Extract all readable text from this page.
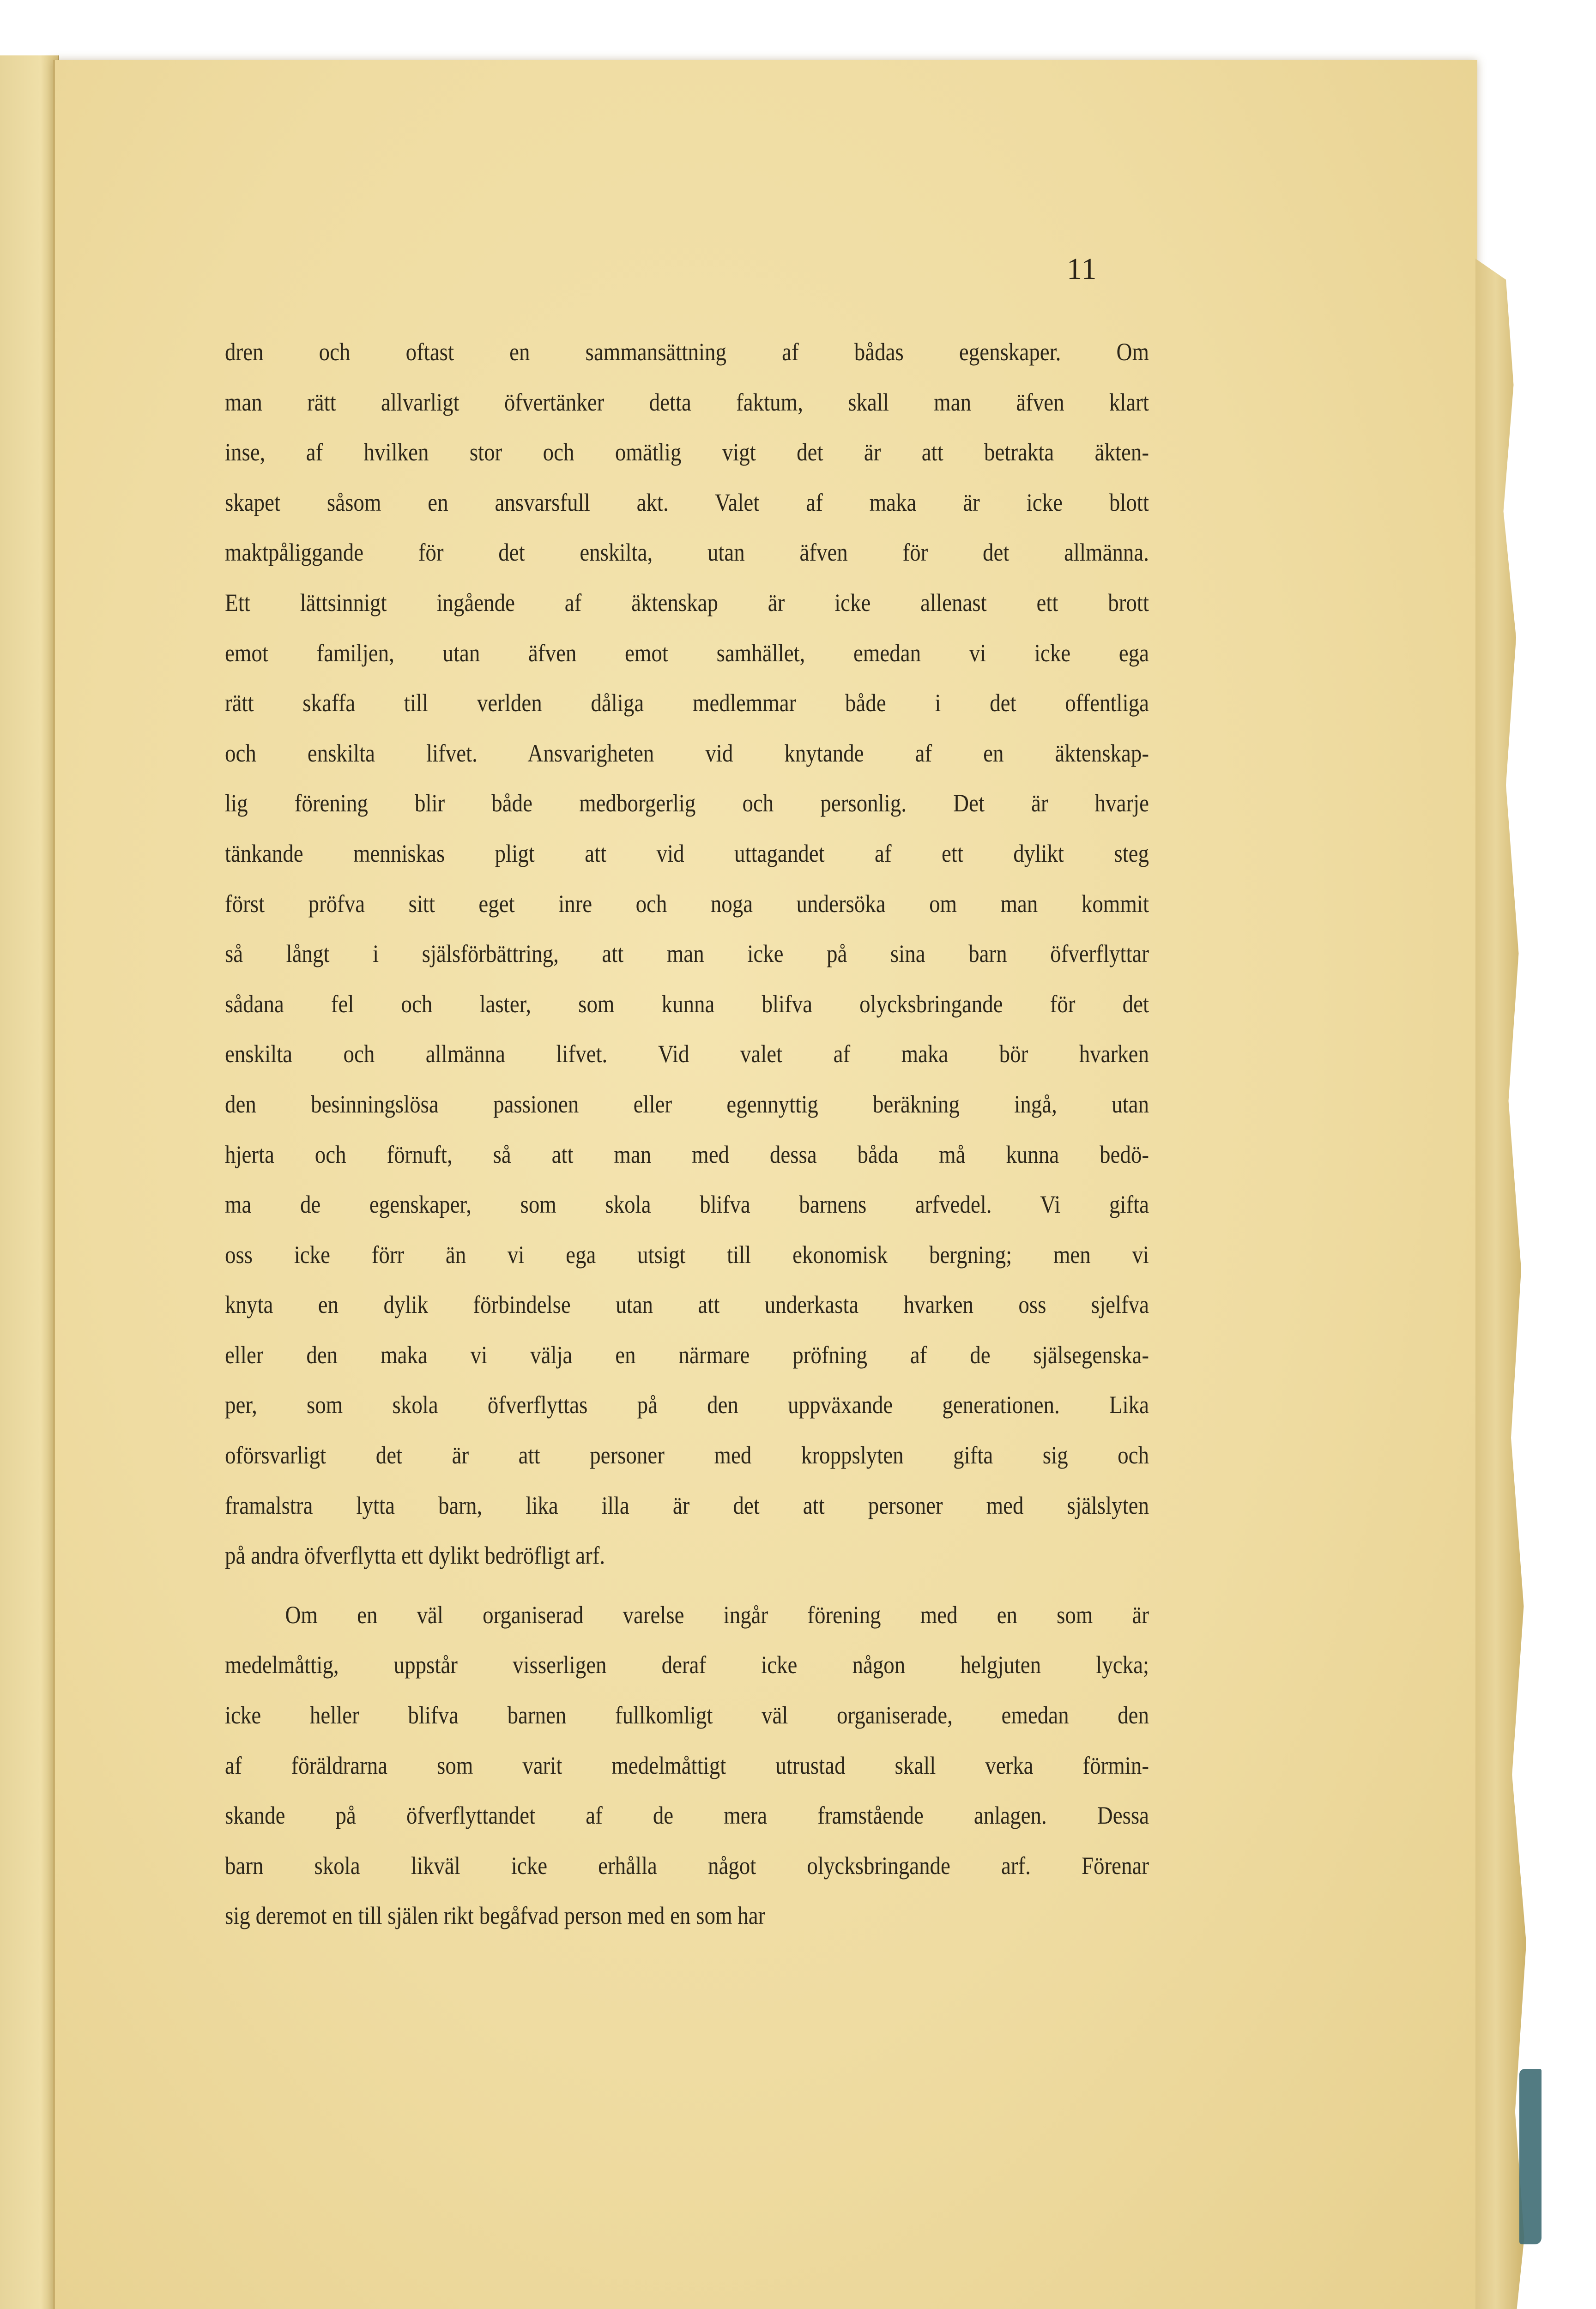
11
dren och oftast en sammansättning af bådas egenskaper. Om
man rätt allvarligt öfvertänker detta faktum, skall man äfven klart
inse, af hvilken stor och omätlig vigt det är att betrakta äkten-
skapet såsom en ansvarsfull akt. Valet af maka är icke blott
maktpåliggande för det enskilta, utan äfven för det allmänna.
Ett lättsinnigt ingående af äktenskap är icke allenast ett brott
emot familjen, utan äfven emot samhället, emedan vi icke ega
rätt skaffa till verlden dåliga medlemmar både i det offentliga
och enskilta lifvet. Ansvarigheten vid knytande af en äktenskap-
lig förening blir både medborgerlig och personlig. Det är hvarje
tänkande menniskas pligt att vid uttagandet af ett dylikt steg
först pröfva sitt eget inre och noga undersöka om man kommit
så långt i själsförbättring, att man icke på sina barn öfverflyttar
sådana fel och laster, som kunna blifva olycksbringande för det
enskilta och allmänna lifvet. Vid valet af maka bör hvarken
den besinningslösa passionen eller egennyttig beräkning ingå, utan
hjerta och förnuft, så att man med dessa båda må kunna bedö-
ma de egenskaper, som skola blifva barnens arfvedel. Vi gifta
oss icke förr än vi ega utsigt till ekonomisk bergning; men vi
knyta en dylik förbindelse utan att underkasta hvarken oss sjelfva
eller den maka vi välja en närmare pröfning af de själsegenska-
per, som skola öfverflyttas på den uppväxande generationen. Lika
oförsvarligt det är att personer med kroppslyten gifta sig och
framalstra lytta barn, lika illa är det att personer med själslyten
på andra öfverflytta ett dylikt bedröfligt arf.
Om en väl organiserad varelse ingår förening med en som är
medelmåttig, uppstår visserligen deraf icke någon helgjuten lycka;
icke heller blifva barnen fullkomligt väl organiserade, emedan den
af föräldrarna som varit medelmåttigt utrustad skall verka förmin-
skande på öfverflyttandet af de mera framstående anlagen. Dessa
barn skola likväl icke erhålla något olycksbringande arf. Förenar
sig deremot en till själen rikt begåfvad person med en som har
